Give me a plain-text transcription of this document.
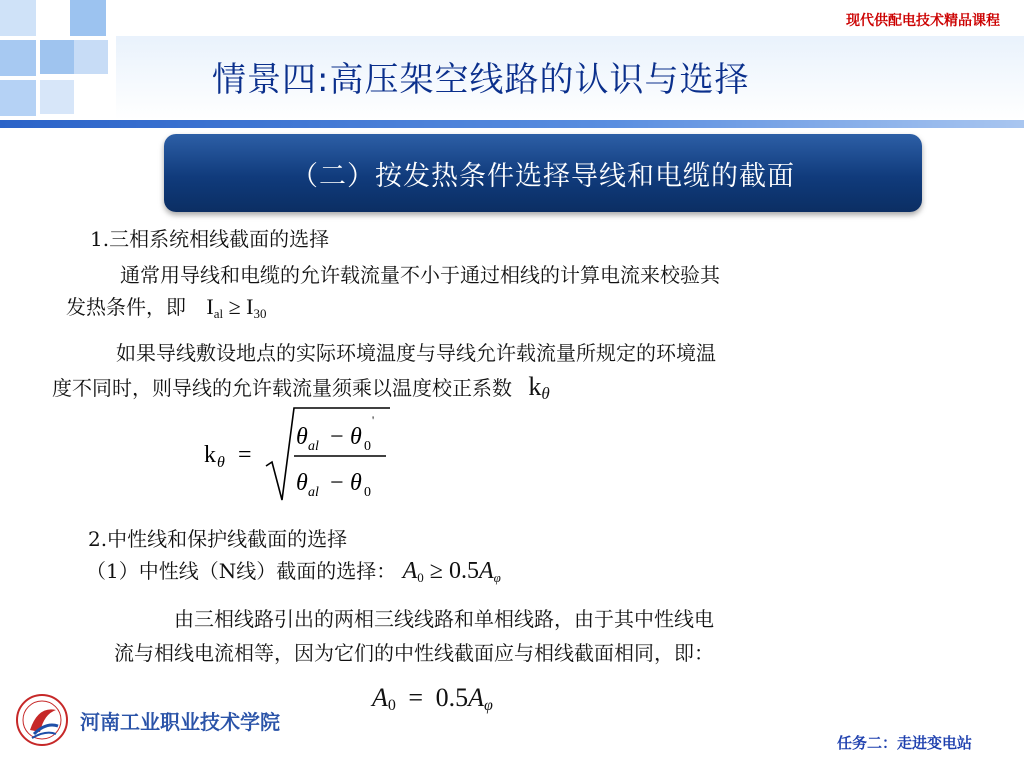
现代供配电技术精品课程
情景四:高压架空线路的认识与选择
（二）按发热条件选择导线和电缆的截面
1.三相系统相线截面的选择
通常用导线和电缆的允许载流量不小于通过相线的计算电流来校验其
发热条件，即 $I_{al} \ge I_{30}$
如果导线敷设地点的实际环境温度与导线允许载流量所规定的环境温
度不同时，则导线的允许载流量须乘以温度校正系数 $k_\theta$
k θ =
θ al − θ 0
'
θ al − θ 0
2.中性线和保护线截面的选择
（1）中性线（N线）截面的选择： $A_0 \ge 0.5A_\varphi$
由三相线路引出的两相三线线路和单相线路，由于其中性线电
流与相线电流相等，因为它们的中性线截面应与相线截面相同，即：
$A_0 = 0.5A_\varphi$
河南工业职业技术学院
任务二：走进变电站
